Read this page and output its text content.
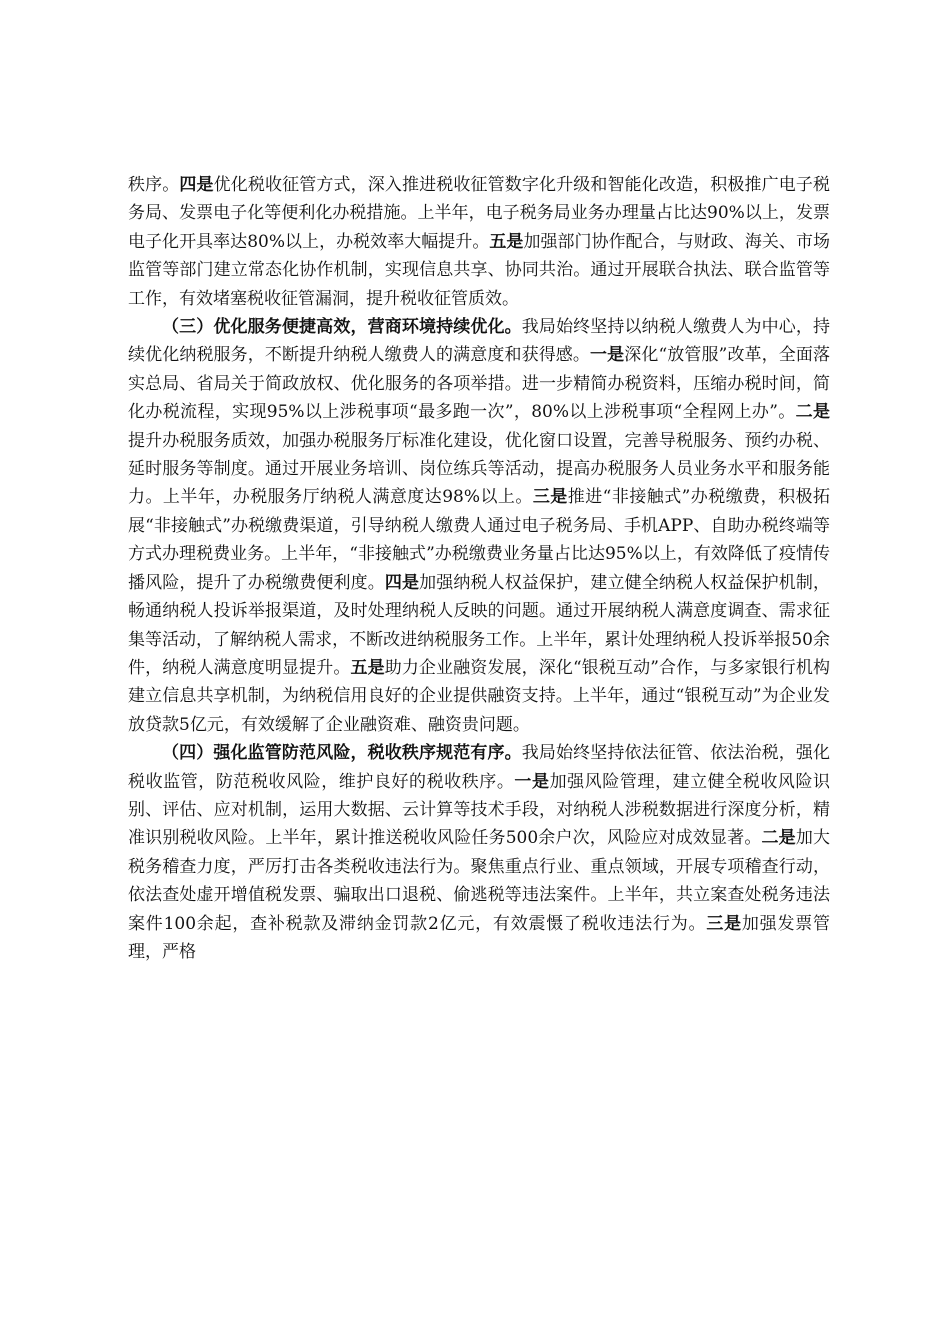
秩序。四是优化税收征管方式，深入推进税收征管数字化升级和智能化改造，积极推广电子税务局、发票电子化等便利化办税措施。上半年，电子税务局业务办理量占比达90%以上，发票电子化开具率达80%以上，办税效率大幅提升。五是加强部门协作配合，与财政、海关、市场监管等部门建立常态化协作机制，实现信息共享、协同共治。通过开展联合执法、联合监管等工作，有效堵塞税收征管漏洞，提升税收征管质效。

（三）优化服务便捷高效，营商环境持续优化。我局始终坚持以纳税人缴费人为中心，持续优化纳税服务，不断提升纳税人缴费人的满意度和获得感。一是深化“放管服”改革，全面落实总局、省局关于简政放权、优化服务的各项举措。进一步精简办税资料，压缩办税时间，简化办税流程，实现95%以上涉税事项“最多跑一次”，80%以上涉税事项“全程网上办”。二是提升办税服务质效，加强办税服务厅标准化建设，优化窗口设置，完善导税服务、预约办税、延时服务等制度。通过开展业务培训、岗位练兵等活动，提高办税服务人员业务水平和服务能力。上半年，办税服务厅纳税人满意度达98%以上。三是推进“非接触式”办税缴费，积极拓展“非接触式”办税缴费渠道，引导纳税人缴费人通过电子税务局、手机APP、自助办税终端等方式办理税费业务。上半年，“非接触式”办税缴费业务量占比达95%以上，有效降低了疫情传播风险，提升了办税缴费便利度。四是加强纳税人权益保护，建立健全纳税人权益保护机制，畅通纳税人投诉举报渠道，及时处理纳税人反映的问题。通过开展纳税人满意度调查、需求征集等活动，了解纳税人需求，不断改进纳税服务工作。上半年，累计处理纳税人投诉举报50余件，纳税人满意度明显提升。五是助力企业融资发展，深化“银税互动”合作，与多家银行机构建立信息共享机制，为纳税信用良好的企业提供融资支持。上半年，通过“银税互动”为企业发放贷款5亿元，有效缓解了企业融资难、融资贵问题。

（四）强化监管防范风险，税收秩序规范有序。我局始终坚持依法征管、依法治税，强化税收监管，防范税收风险，维护良好的税收秩序。一是加强风险管理，建立健全税收风险识别、评估、应对机制，运用大数据、云计算等技术手段，对纳税人涉税数据进行深度分析，精准识别税收风险。上半年，累计推送税收风险任务500余户次，风险应对成效显著。二是加大税务稽查力度，严厉打击各类税收违法行为。聚焦重点行业、重点领域，开展专项稽查行动，依法查处虚开增值税发票、骗取出口退税、偷逃税等违法案件。上半年，共立案查处税务违法案件100余起，查补税款及滞纳金罚款2亿元，有效震慑了税收违法行为。三是加强发票管理，严格
